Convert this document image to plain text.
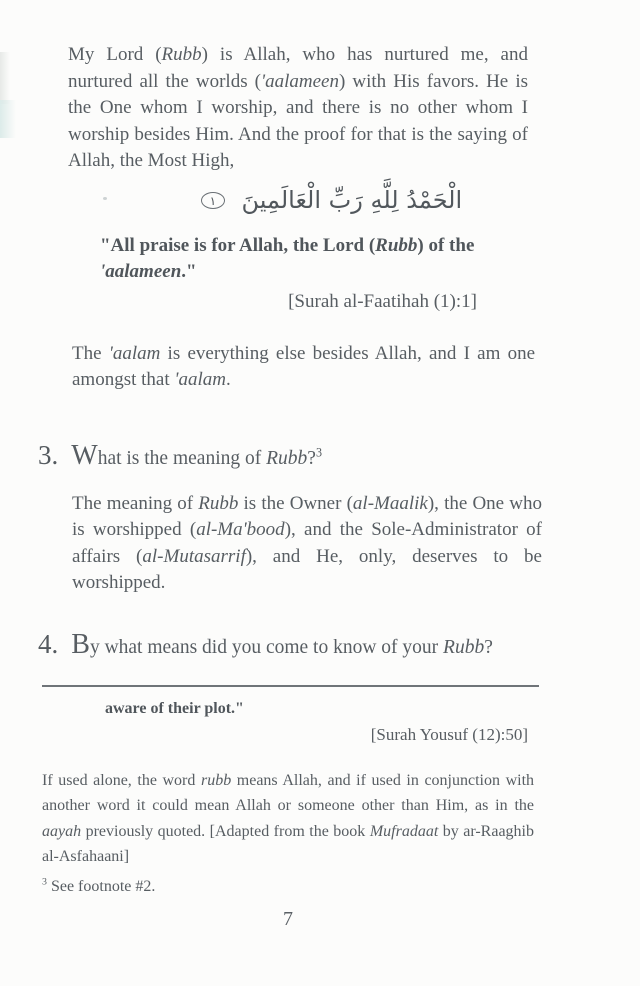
My Lord (Rubb) is Allah, who has nurtured me, and nurtured all the worlds ('aalameen) with His favors. He is the One whom I worship, and there is no other whom I worship besides Him. And the proof for that is the saying of Allah, the Most High,

الْحَمْدُ لِلَّهِ رَبِّ الْعَالَمِينَ ١
"All praise is for Allah, the Lord (Rubb) of the 'aalameen."
[Surah al-Faatihah (1):1]

The 'aalam is everything else besides Allah, and I am one amongst that 'aalam.

3. What is the meaning of Rubb?$^3$

The meaning of Rubb is the Owner (al-Maalik), the One who is worshipped (al-Ma'bood), and the Sole-Administrator of affairs (al-Mutasarrif), and He, only, deserves to be worshipped.

4. By what means did you come to know of your Rubb?
aware of their plot."
[Surah Yousuf (12):50]

If used alone, the word rubb means Allah, and if used in conjunction with another word it could mean Allah or someone other than Him, as in the aayah previously quoted. [Adapted from the book Mufradaat by ar-Raaghib al-Asfahaani]

$^3$ See footnote #2.
7
